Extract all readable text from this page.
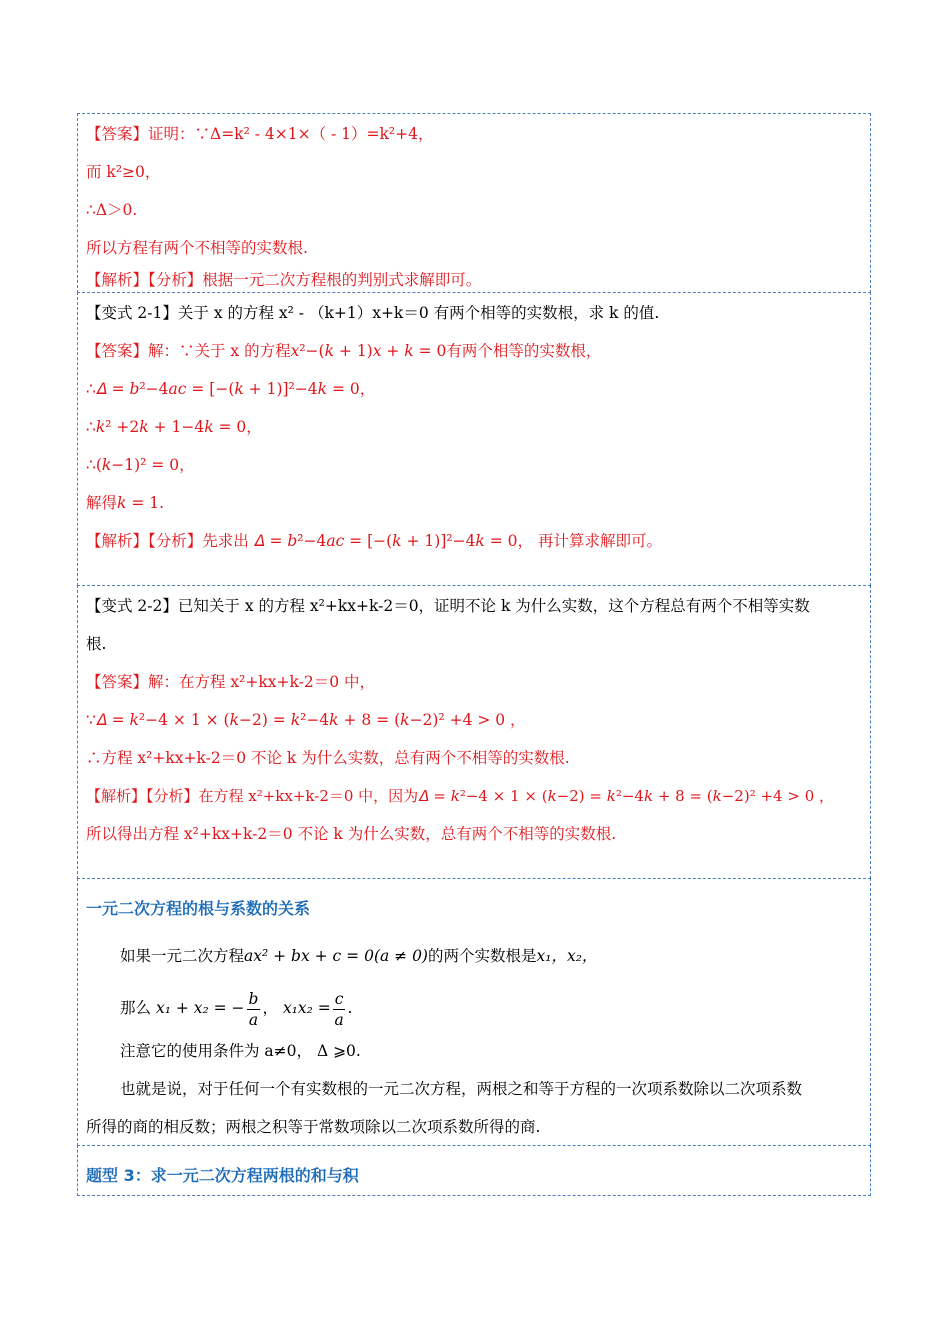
【答案】证明：∵Δ=k² - 4×1×（ - 1）=k²+4，
而 k²≥0，
∴Δ＞0.
所以方程有两个不相等的实数根.
【解析】【分析】根据一元二次方程根的判别式求解即可。
【变式 2-1】关于 x 的方程 x² - （k+1）x+k＝0 有两个相等的实数根，求 k 的值.
【答案】解：∵关于 x 的方程𝑥²−(𝑘 + 1)𝑥 + 𝑘 = 0有两个相等的实数根，
∴𝛥 = 𝑏²−4𝑎𝑐 = [−(𝑘 + 1)]²−4𝑘 = 0，
∴𝑘² +2𝑘 + 1−4𝑘 = 0，
∴(𝑘−1)² = 0，
解得𝑘 = 1.
【解析】【分析】先求出 𝛥 = 𝑏²−4𝑎𝑐 = [−(𝑘 + 1)]²−4𝑘 = 0， 再计算求解即可。
【变式 2-2】已知关于 x 的方程 x²+kx+k-2＝0，证明不论 k 为什么实数，这个方程总有两个不相等实数
根.
【答案】解：在方程 x²+kx+k-2＝0 中，
∵𝛥 = 𝑘²−4 × 1 × (𝑘−2) = 𝑘²−4𝑘 + 8 = (𝑘−2)² +4 > 0 ，
∴方程 x²+kx+k-2＝0 不论 k 为什么实数，总有两个不相等的实数根.
【解析】【分析】在方程 x²+kx+k-2＝0 中，因为𝛥 = 𝑘²−4 × 1 × (𝑘−2) = 𝑘²−4𝑘 + 8 = (𝑘−2)² +4 > 0 ，
所以得出方程 x²+kx+k-2＝0 不论 k 为什么实数，总有两个不相等的实数根.
一元二次方程的根与系数的关系
如果一元二次方程ax² + bx + c = 0(a ≠ 0)的两个实数根是x₁，x₂，
那么 x₁ + x₂ = − $\frac{b}{a}$ ， $x_1x_2 = \frac{c}{a}$ .
注意它的使用条件为 a≠0， Δ ⩾0.
也就是说，对于任何一个有实数根的一元二次方程，两根之和等于方程的一次项系数除以二次项系数
所得的商的相反数；两根之积等于常数项除以二次项系数所得的商.
题型 3：求一元二次方程两根的和与积
